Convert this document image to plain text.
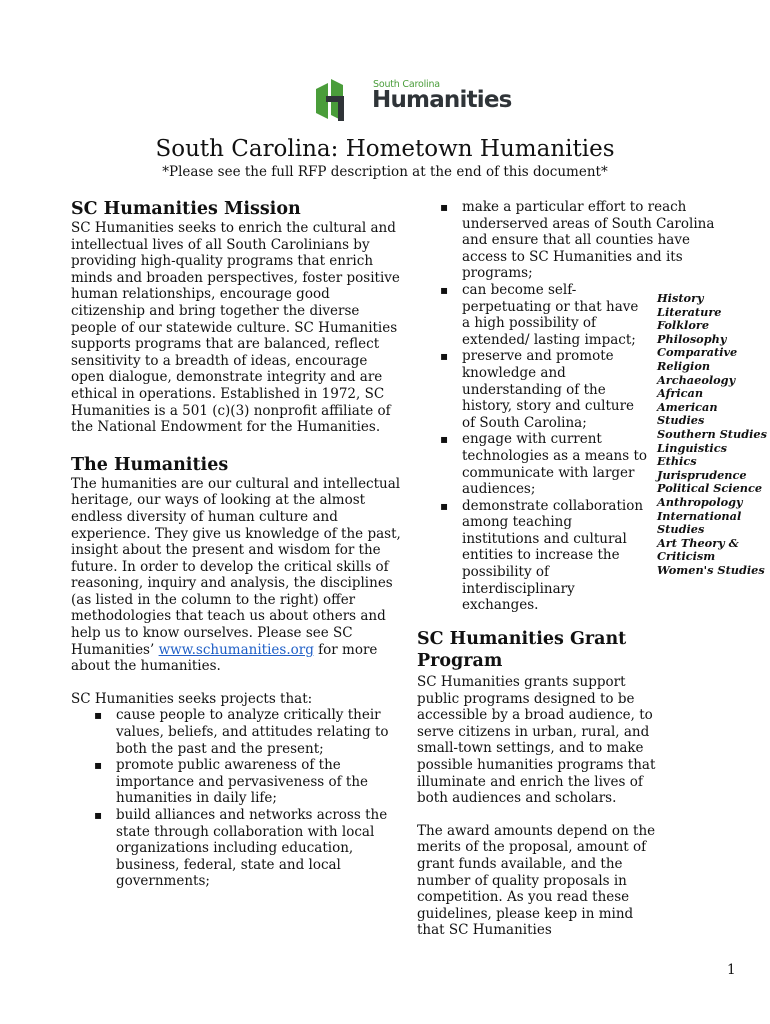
South Carolina
Humanities
South Carolina: Hometown Humanities
*Please see the full RFP description at the end of this document*
SC Humanities Mission

SC Humanities seeks to enrich the cultural and intellectual lives of all South Carolinians by providing high-quality programs that enrich minds and broaden perspectives, foster positive human relationships, encourage good citizenship and bring together the diverse people of our statewide culture. SC Humanities supports programs that are balanced, reflect sensitivity to a breadth of ideas, encourage open dialogue, demonstrate integrity and are ethical in operations. Established in 1972, SC Humanities is a 501 (c)(3) nonprofit affiliate of the National Endowment for the Humanities.

The Humanities

The humanities are our cultural and intellectual heritage, our ways of looking at the almost endless diversity of human culture and experience. They give us knowledge of the past, insight about the present and wisdom for the future. In order to develop the critical skills of reasoning, inquiry and analysis, the disciplines (as listed in the column to the right) offer methodologies that teach us about others and help us to know ourselves. Please see SC Humanities’ www.schumanities.org for more about the humanities.

SC Humanities seeks projects that:

▪ cause people to analyze critically their values, beliefs, and attitudes relating to both the past and the present;
▪ promote public awareness of the importance and pervasiveness of the humanities in daily life;
▪ build alliances and networks across the state through collaboration with local organizations including education, business, federal, state and local governments;
▪ make a particular effort to reach underserved areas of South Carolina and ensure that all counties have access to SC Humanities and its programs;
▪ can become self-perpetuating or that have a high possibility of extended/ lasting impact;
▪ preserve and promote knowledge and understanding of the history, story and culture of South Carolina;
▪ engage with current technologies as a means to communicate with larger audiences;
▪ demonstrate collaboration among teaching institutions and cultural entities to increase the possibility of interdisciplinary exchanges.
History
Literature
Folklore
Philosophy
Comparative Religion
Archaeology
African American Studies
Southern Studies
Linguistics
Ethics
Jurisprudence
Political Science
Anthropology
International Studies
Art Theory & Criticism
Women's Studies
SC Humanities Grant Program

SC Humanities grants support public programs designed to be accessible by a broad audience, to serve citizens in urban, rural, and small-town settings, and to make possible humanities programs that illuminate and enrich the lives of both audiences and scholars.

The award amounts depend on the merits of the proposal, amount of grant funds available, and the number of quality proposals in competition. As you read these guidelines, please keep in mind that SC Humanities

1
